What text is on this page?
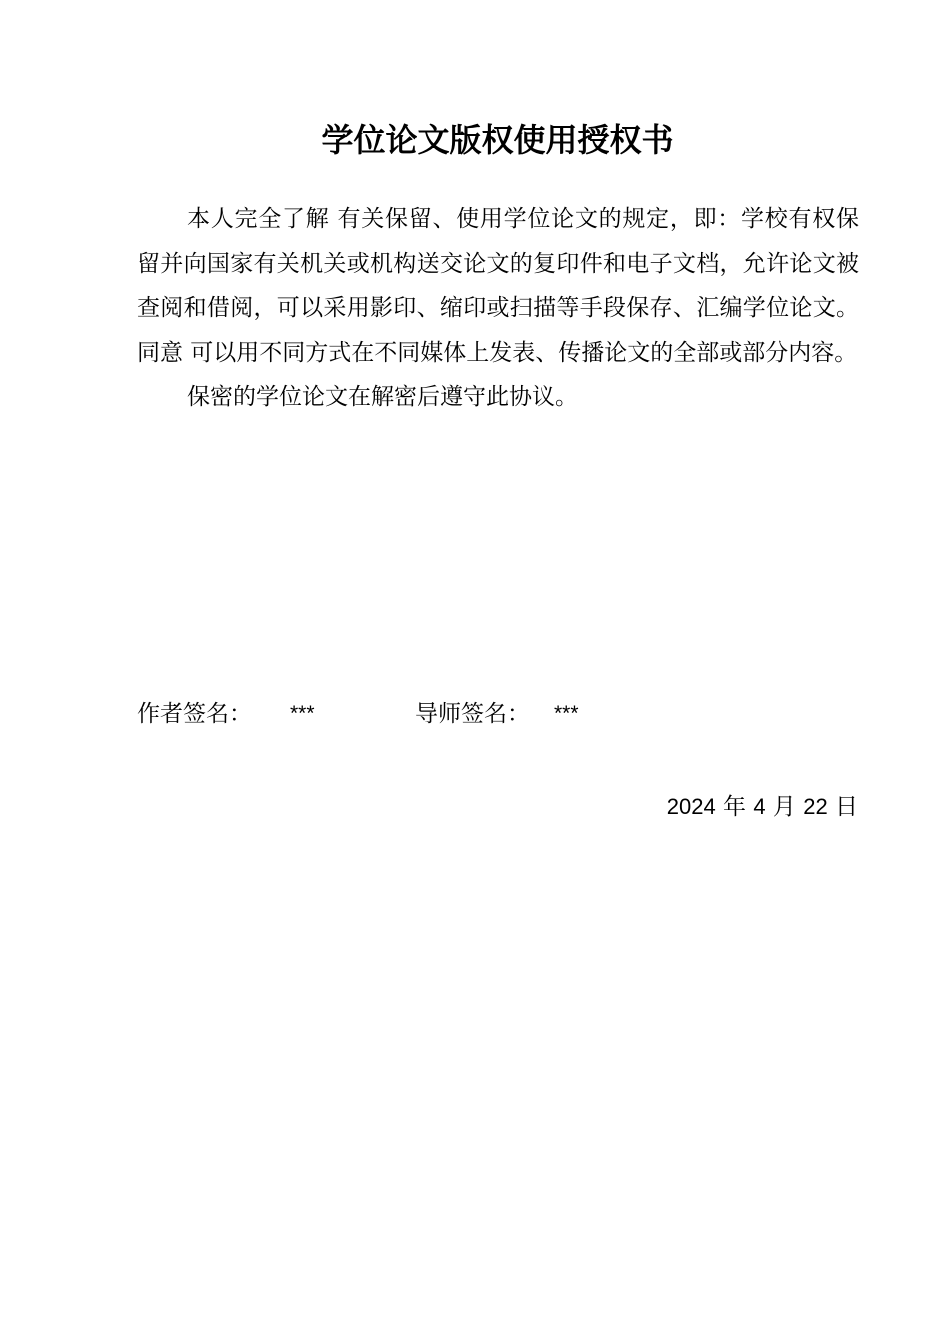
学位论文版权使用授权书

本人完全了解 有关保留、使用学位论文的规定，即：学校有权保留并向国家有关机关或机构送交论文的复印件和电子文档，允许论文被查阅和借阅，可以采用影印、缩印或扫描等手段保存、汇编学位论文。同意 可以用不同方式在不同媒体上发表、传播论文的全部或部分内容。

保密的学位论文在解密后遵守此协议。

作者签名： ***	导师签名： ***
2024 年 4 月 22 日
